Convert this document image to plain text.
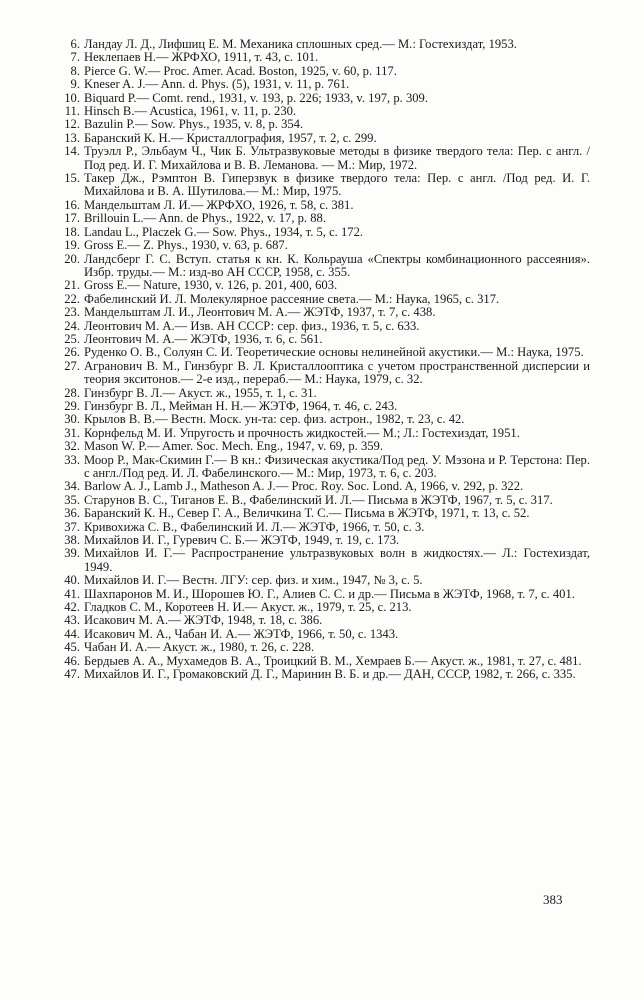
6. Ландау Л. Д., Лифшиц Е. М. Механика сплошных сред.— М.: Гостехиздат, 1953.
7. Неклепаев Н.— ЖРФХО, 1911, т. 43, с. 101.
8. Pierce G. W.— Proc. Amer. Acad. Boston, 1925, v. 60, p. 117.
9. Kneser A. J.— Ann. d. Phys. (5), 1931, v. 11, p. 761.
10. Biquard P.— Comt. rend., 1931, v. 193, p. 226; 1933, v. 197, p. 309.
11. Hinsch B.— Acustica, 1961, v. 11, p. 230.
12. Bazulin P.— Sow. Phys., 1935, v. 8, p. 354.
13. Баранский К. Н.— Кристаллография, 1957, т. 2, с. 299.
14. Труэлл Р., Эльбаум Ч., Чик Б. Ультразвуковые методы в физике твердого тела: Пер. с англ. /Под ред. И. Г. Михайлова и В. В. Леманова. — М.: Мир, 1972.
15. Такер Дж., Рэмптон В. Гиперзвук в физике твердого тела: Пер. с англ. /Под ред. И. Г. Михайлова и В. А. Шутилова.— М.: Мир, 1975.
16. Мандельштам Л. И.— ЖРФХО, 1926, т. 58, с. 381.
17. Brillouin L.— Ann. de Phys., 1922, v. 17, p. 88.
18. Landau L., Placzek G.— Sow. Phys., 1934, т. 5, с. 172.
19. Gross E.— Z. Phys., 1930, v. 63, p. 687.
20. Ландсберг Г. С. Вступ. статья к кн. К. Кольрауша «Спектры комбинационного рассеяния». Избр. труды.— М.: изд-во АН СССР, 1958, с. 355.
21. Gross E.— Nature, 1930, v. 126, p. 201, 400, 603.
22. Фабелинский И. Л. Молекулярное рассеяние света.— М.: Наука, 1965, с. 317.
23. Мандельштам Л. И., Леонтович М. А.— ЖЭТФ, 1937, т. 7, с. 438.
24. Леонтович М. А.— Изв. АН СССР: сер. физ., 1936, т. 5, с. 633.
25. Леонтович М. А.— ЖЭТФ, 1936, т. 6, с. 561.
26. Руденко О. В., Солуян С. И. Теоретические основы нелинейной акустики.— М.: Наука, 1975.
27. Агранович В. М., Гинзбург В. Л. Кристаллооптика с учетом пространственной дисперсии и теория экситонов.— 2-е изд., перераб.— М.: Наука, 1979, с. 32.
28. Гинзбург В. Л.— Акуст. ж., 1955, т. 1, с. 31.
29. Гинзбург В. Л., Мейман Н. Н.— ЖЭТФ, 1964, т. 46, с. 243.
30. Крылов В. В.— Вестн. Моск. ун-та: сер. физ. астрон., 1982, т. 23, с. 42.
31. Корнфельд М. И. Упругость и прочность жидкостей.— М.; Л.: Гостехиздат, 1951.
32. Mason W. P.— Amer. Soc. Mech. Eng., 1947, v. 69, p. 359.
33. Моор Р., Мак-Скимин Г.— В кн.: Физическая акустика/Под ред. У. Мэзона и Р. Терстона: Пер. с англ./Под ред. И. Л. Фабелинского.— М.: Мир, 1973, т. 6, с. 203.
34. Barlow A. J., Lamb J., Matheson A. J.— Proc. Roy. Soc. Lond. A, 1966, v. 292, p. 322.
35. Старунов В. С., Тиганов Е. В., Фабелинский И. Л.— Письма в ЖЭТФ, 1967, т. 5, с. 317.
36. Баранский К. Н., Север Г. А., Величкина Т. С.— Письма в ЖЭТФ, 1971, т. 13, с. 52.
37. Кривохижа С. В., Фабелинский И. Л.— ЖЭТФ, 1966, т. 50, с. 3.
38. Михайлов И. Г., Гуревич С. Б.— ЖЭТФ, 1949, т. 19, с. 173.
39. Михайлов И. Г.— Распространение ультразвуковых волн в жидкостях.— Л.: Гостехиздат, 1949.
40. Михайлов И. Г.— Вестн. ЛГУ: сер. физ. и хим., 1947, № 3, с. 5.
41. Шахпаронов М. И., Шорошев Ю. Г., Алиев С. С. и др.— Письма в ЖЭТФ, 1968, т. 7, с. 401.
42. Гладков С. М., Коротеев Н. И.— Акуст. ж., 1979, т. 25, с. 213.
43. Исакович М. А.— ЖЭТФ, 1948, т. 18, с. 386.
44. Исакович М. А., Чабан И. А.— ЖЭТФ, 1966, т. 50, с. 1343.
45. Чабан И. А.— Акуст. ж., 1980, т. 26, с. 228.
46. Бердыев А. А., Мухамедов В. А., Троицкий В. М., Хемраев Б.— Акуст. ж., 1981, т. 27, с. 481.
47. Михайлов И. Г., Громаковский Д. Г., Маринин В. Б. и др.— ДАН, СССР, 1982, т. 266, с. 335.
383
